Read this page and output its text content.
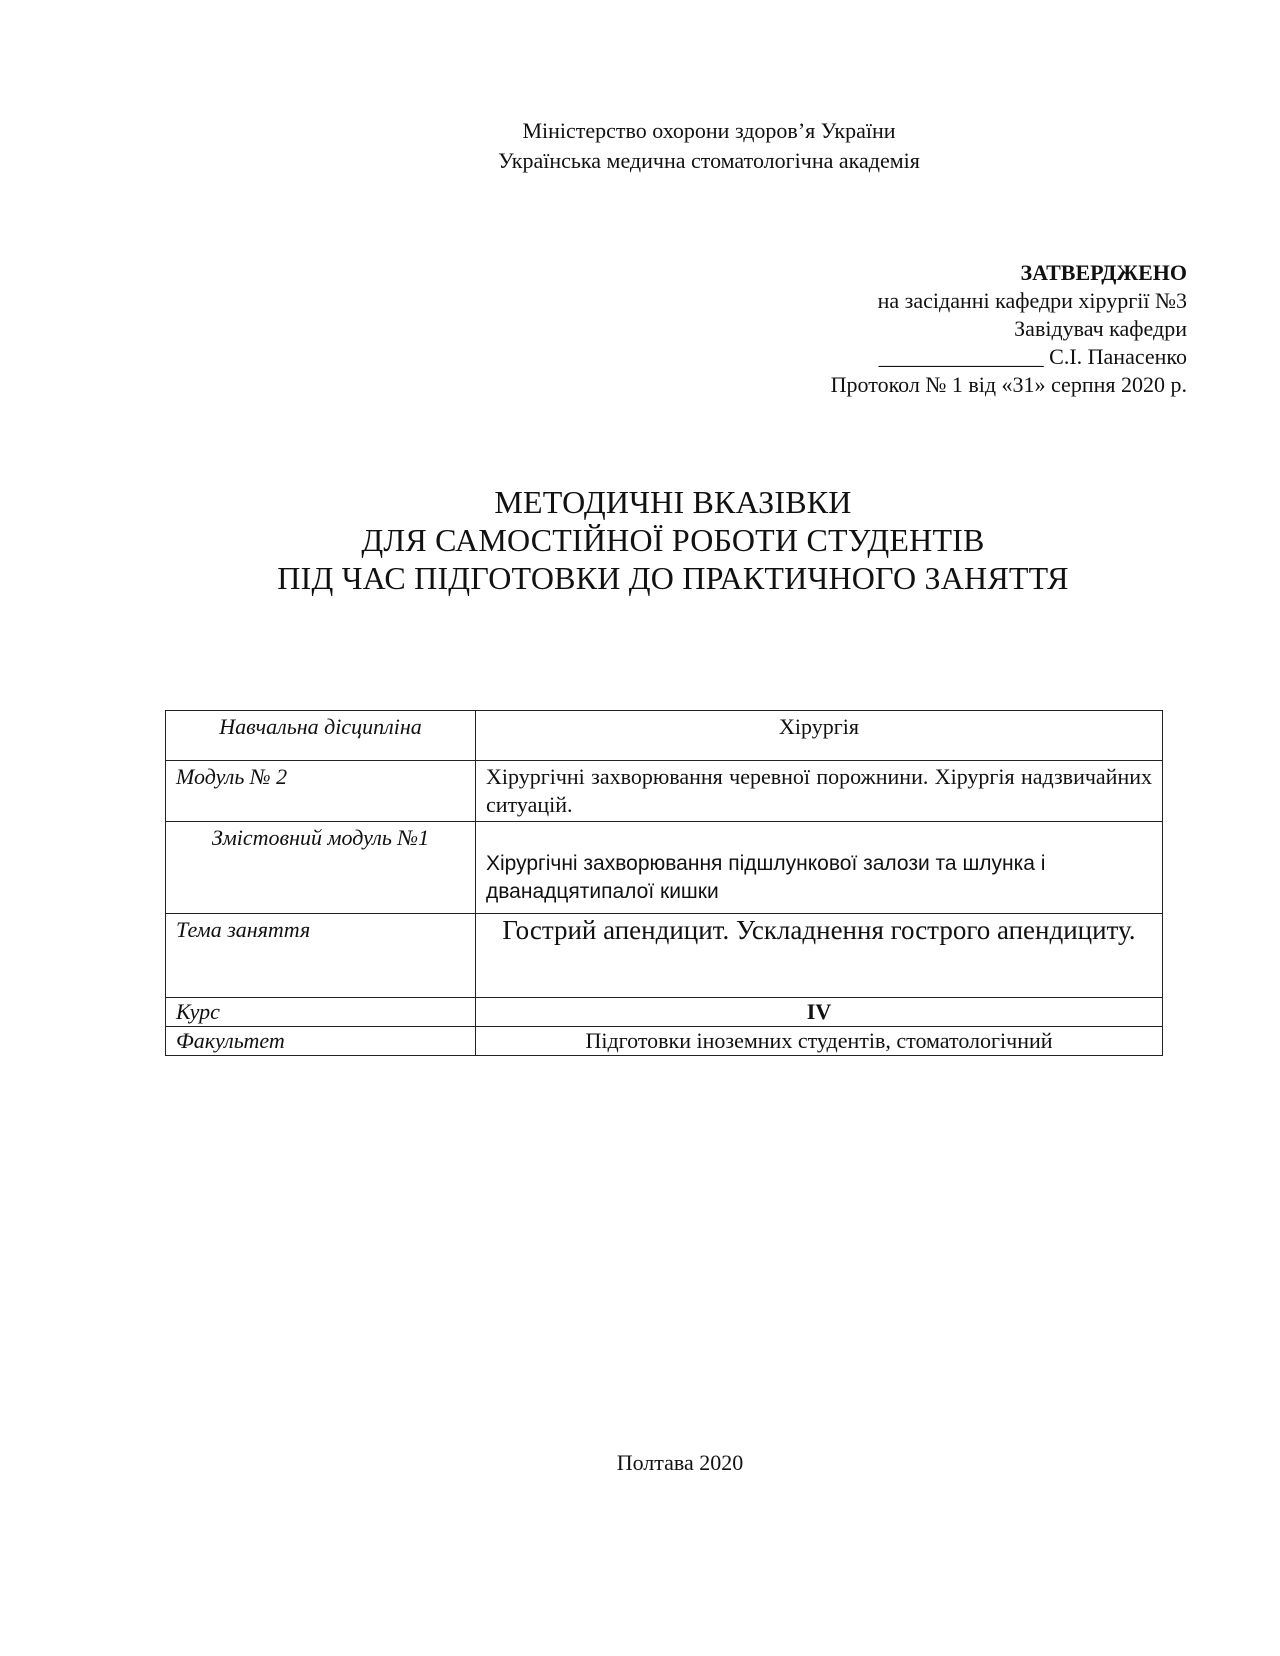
Міністерство охорони здоров’я України
Українська медична стоматологічна академія
ЗАТВЕРДЖЕНО
на засіданні кафедри хірургії №3
Завідувач кафедри
_______________ С.І. Панасенко
Протокол № 1 від «31» серпня 2020 р.
МЕТОДИЧНІ ВКАЗІВКИ
ДЛЯ САМОСТІЙНОЇ РОБОТИ СТУДЕНТІВ
ПІД ЧАС ПІДГОТОВКИ ДО ПРАКТИЧНОГО ЗАНЯТТЯ
Навчальна дісципліна	Хірургія
Модуль № 2	Хірургічні захворювання черевної порожнини. Хірургія надзвичайних ситуацій.
Змістовний модуль №1	Хірургічні захворювання підшлункової залози та шлунка і дванадцятипалої кишки
Тема заняття	Гострий апендицит. Ускладнення гострого апендициту.
Курс	IV
Факультет	Підготовки іноземних студентів, стоматологічний
Полтава 2020
